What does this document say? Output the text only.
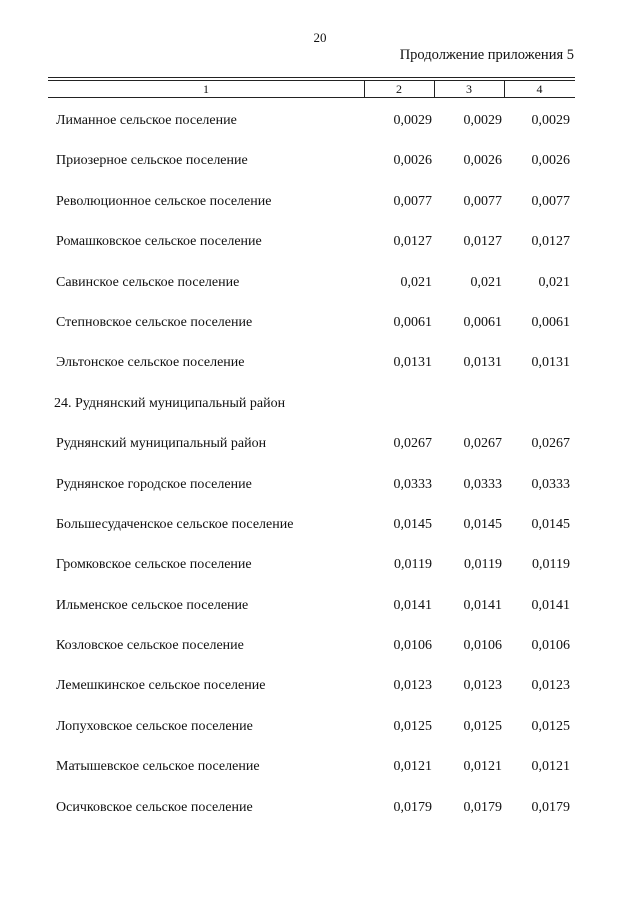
20
Продолжение приложения 5
1	2	3	4
Лиманное сельское поселение	0,0029	0,0029	0,0029
Приозерное сельское поселение	0,0026	0,0026	0,0026
Революционное сельское поселение	0,0077	0,0077	0,0077
Ромашковское сельское поселение	0,0127	0,0127	0,0127
Савинское сельское поселение	0,021	0,021	0,021
Степновское сельское поселение	0,0061	0,0061	0,0061
Эльтонское сельское поселение	0,0131	0,0131	0,0131
24. Руднянский муниципальный район
Руднянский муниципальный район	0,0267	0,0267	0,0267
Руднянское городское поселение	0,0333	0,0333	0,0333
Большесудаченское сельское поселение	0,0145	0,0145	0,0145
Громковское сельское поселение	0,0119	0,0119	0,0119
Ильменское сельское поселение	0,0141	0,0141	0,0141
Козловское сельское поселение	0,0106	0,0106	0,0106
Лемешкинское сельское поселение	0,0123	0,0123	0,0123
Лопуховское сельское поселение	0,0125	0,0125	0,0125
Матышевское сельское поселение	0,0121	0,0121	0,0121
Осичковское сельское поселение	0,0179	0,0179	0,0179
